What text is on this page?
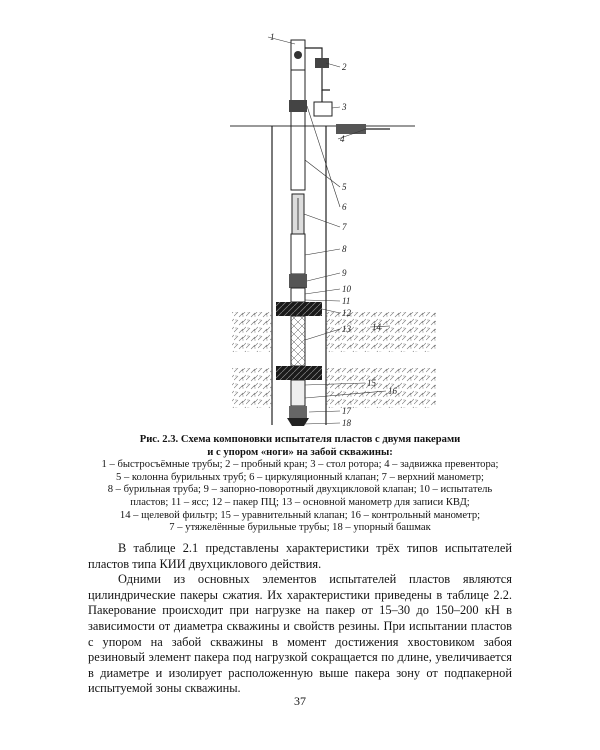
1
2
3
4
5
6
7
8
9
10
11
12
13 14
15
16
17
18
Рис. 2.3. Схема компоновки испытателя пластов с двумя пакерами
и с упором «ноги» на забой скважины:
1 – быстросъёмные трубы; 2 – пробный кран; 3 – стол ротора; 4 – задвижка превентора;
5 – колонна бурильных труб; 6 – циркуляционный клапан; 7 – верхний манометр;
8 – бурильная труба; 9 – запорно-поворотный двухцикловой клапан; 10 – испытатель
пластов; 11 – ясс; 12 – пакер ПЦ; 13 – основной манометр для записи КВД;
14 – щелевой фильтр; 15 – уравнительный клапан; 16 – контрольный манометр;
7 – утяжелённые бурильные трубы; 18 – упорный башмак

В таблице 2.1 представлены характеристики трёх типов испытателей пластов типа КИИ двухциклового действия.

Одними из основных элементов испытателей пластов являются цилиндрические пакеры сжатия. Их характеристики приведены в таблице 2.2. Пакерование происходит при нагрузке на пакер от 15–30 до 150–200 кН в зависимости от диаметра скважины и свойств резины. При испытании пластов с упором на забой скважины в момент достижения хвостовиком забоя резиновый элемент пакера под нагрузкой сокращается по длине, увеличивается в диаметре и изолирует расположенную выше пакера зону от подпакерной испытуемой зоны скважины.

37
